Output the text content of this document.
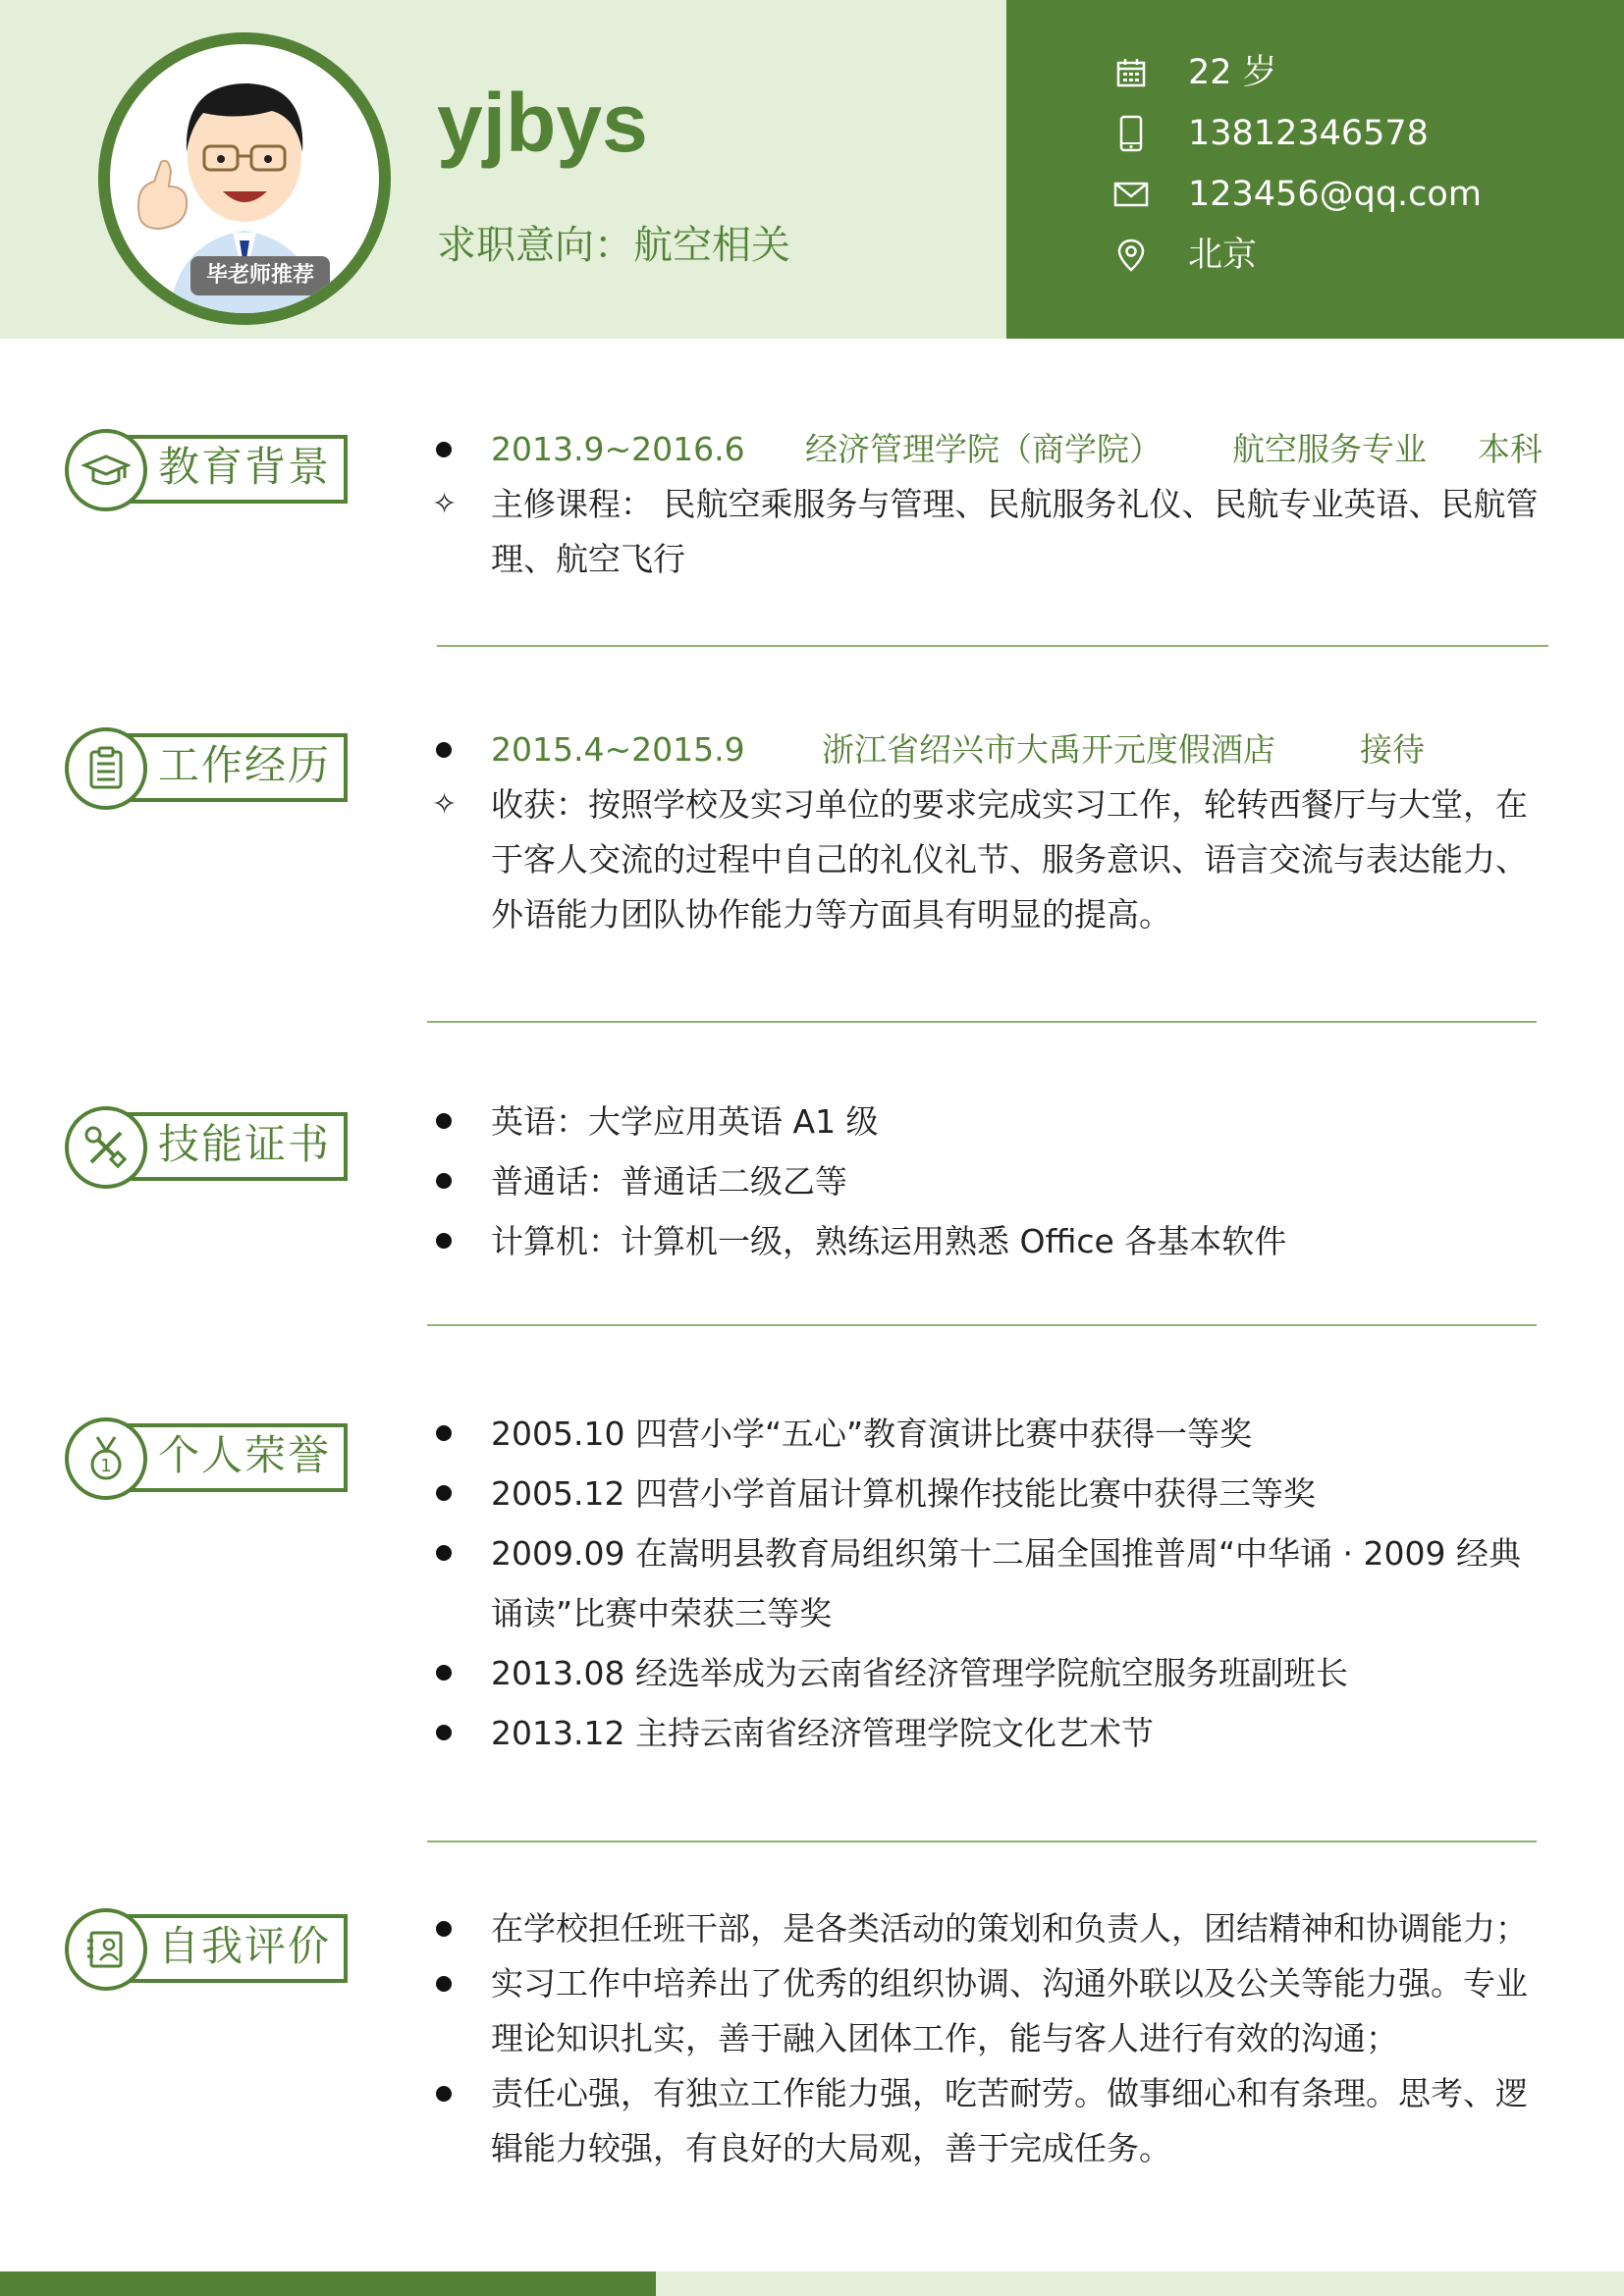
毕老师推荐
yjbys
求职意向：航空相关
22 岁
13812346578
123456@qq.com
北京
教育背景	2013.9~2016.6 经济管理学院（商学院） 航空服务专业 本科
✧ 主修课程： 民航空乘服务与管理、民航服务礼仪、民航专业英语、民航管理、航空飞行
工作经历	2015.4~2015.9 浙江省绍兴市大禹开元度假酒店	接待
✧ 收获：按照学校及实习单位的要求完成实习工作，轮转西餐厅与大堂，在于客人交流的过程中自己的礼仪礼节、服务意识、语言交流与表达能力、外语能力团队协作能力等方面具有明显的提高。
技能证书	英语：大学应用英语 A1 级
普通话：普通话二级乙等
计算机：计算机一级，熟练运用熟悉 Office 各基本软件
1 个人荣誉	2005.10 四营小学“五心”教育演讲比赛中获得一等奖
2005.12 四营小学首届计算机操作技能比赛中获得三等奖
2009.09 在嵩明县教育局组织第十二届全国推普周“中华诵 · 2009 经典诵读”比赛中荣获三等奖
2013.08 经选举成为云南省经济管理学院航空服务班副班长
2013.12 主持云南省经济管理学院文化艺术节
自我评价	在学校担任班干部，是各类活动的策划和负责人，团结精神和协调能力；
实习工作中培养出了优秀的组织协调、沟通外联以及公关等能力强。专业理论知识扎实，善于融入团体工作，能与客人进行有效的沟通；
责任心强，有独立工作能力强，吃苦耐劳。做事细心和有条理。思考、逻辑能力较强，有良好的大局观，善于完成任务。
